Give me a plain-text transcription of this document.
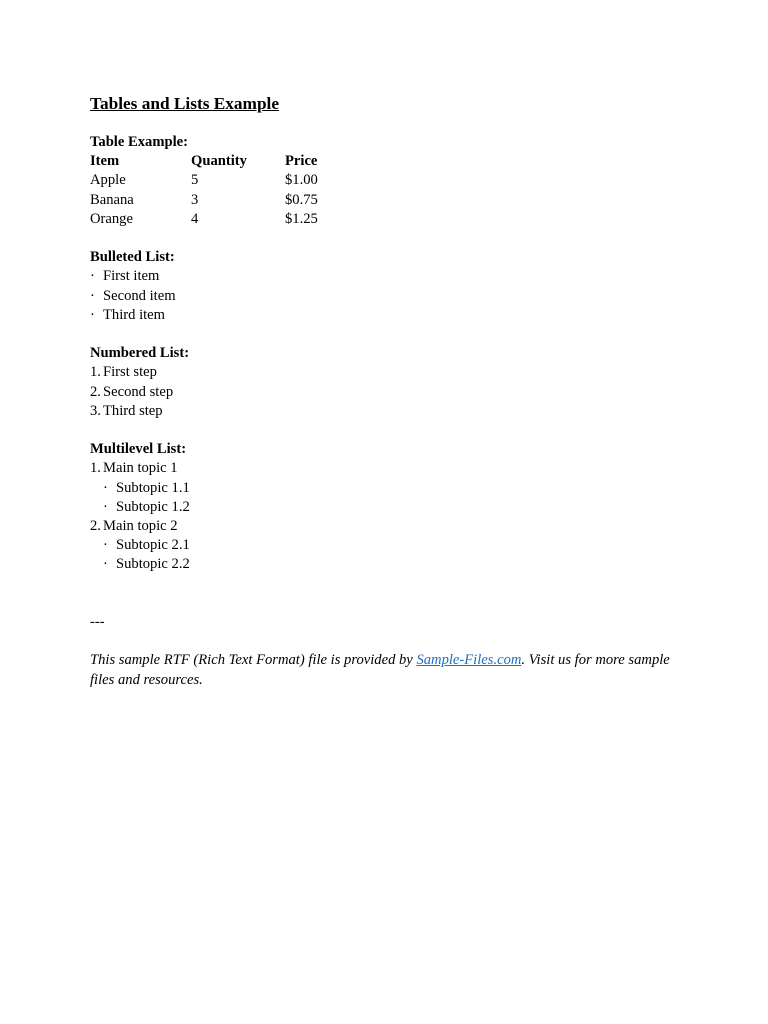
Tables and Lists Example
Table Example:
Item	Quantity	Price
Apple	5	$1.00
Banana	3	$0.75
Orange	4	$1.25
Bulleted List:
· First item
· Second item
· Third item
Numbered List:
1. First step
2. Second step
3. Third step
Multilevel List:
1. Main topic 1
· Subtopic 1.1
· Subtopic 1.2
2. Main topic 2
· Subtopic 2.1
· Subtopic 2.2
---
This sample RTF (Rich Text Format) file is provided by Sample-Files.com. Visit us for more sample files and resources.
